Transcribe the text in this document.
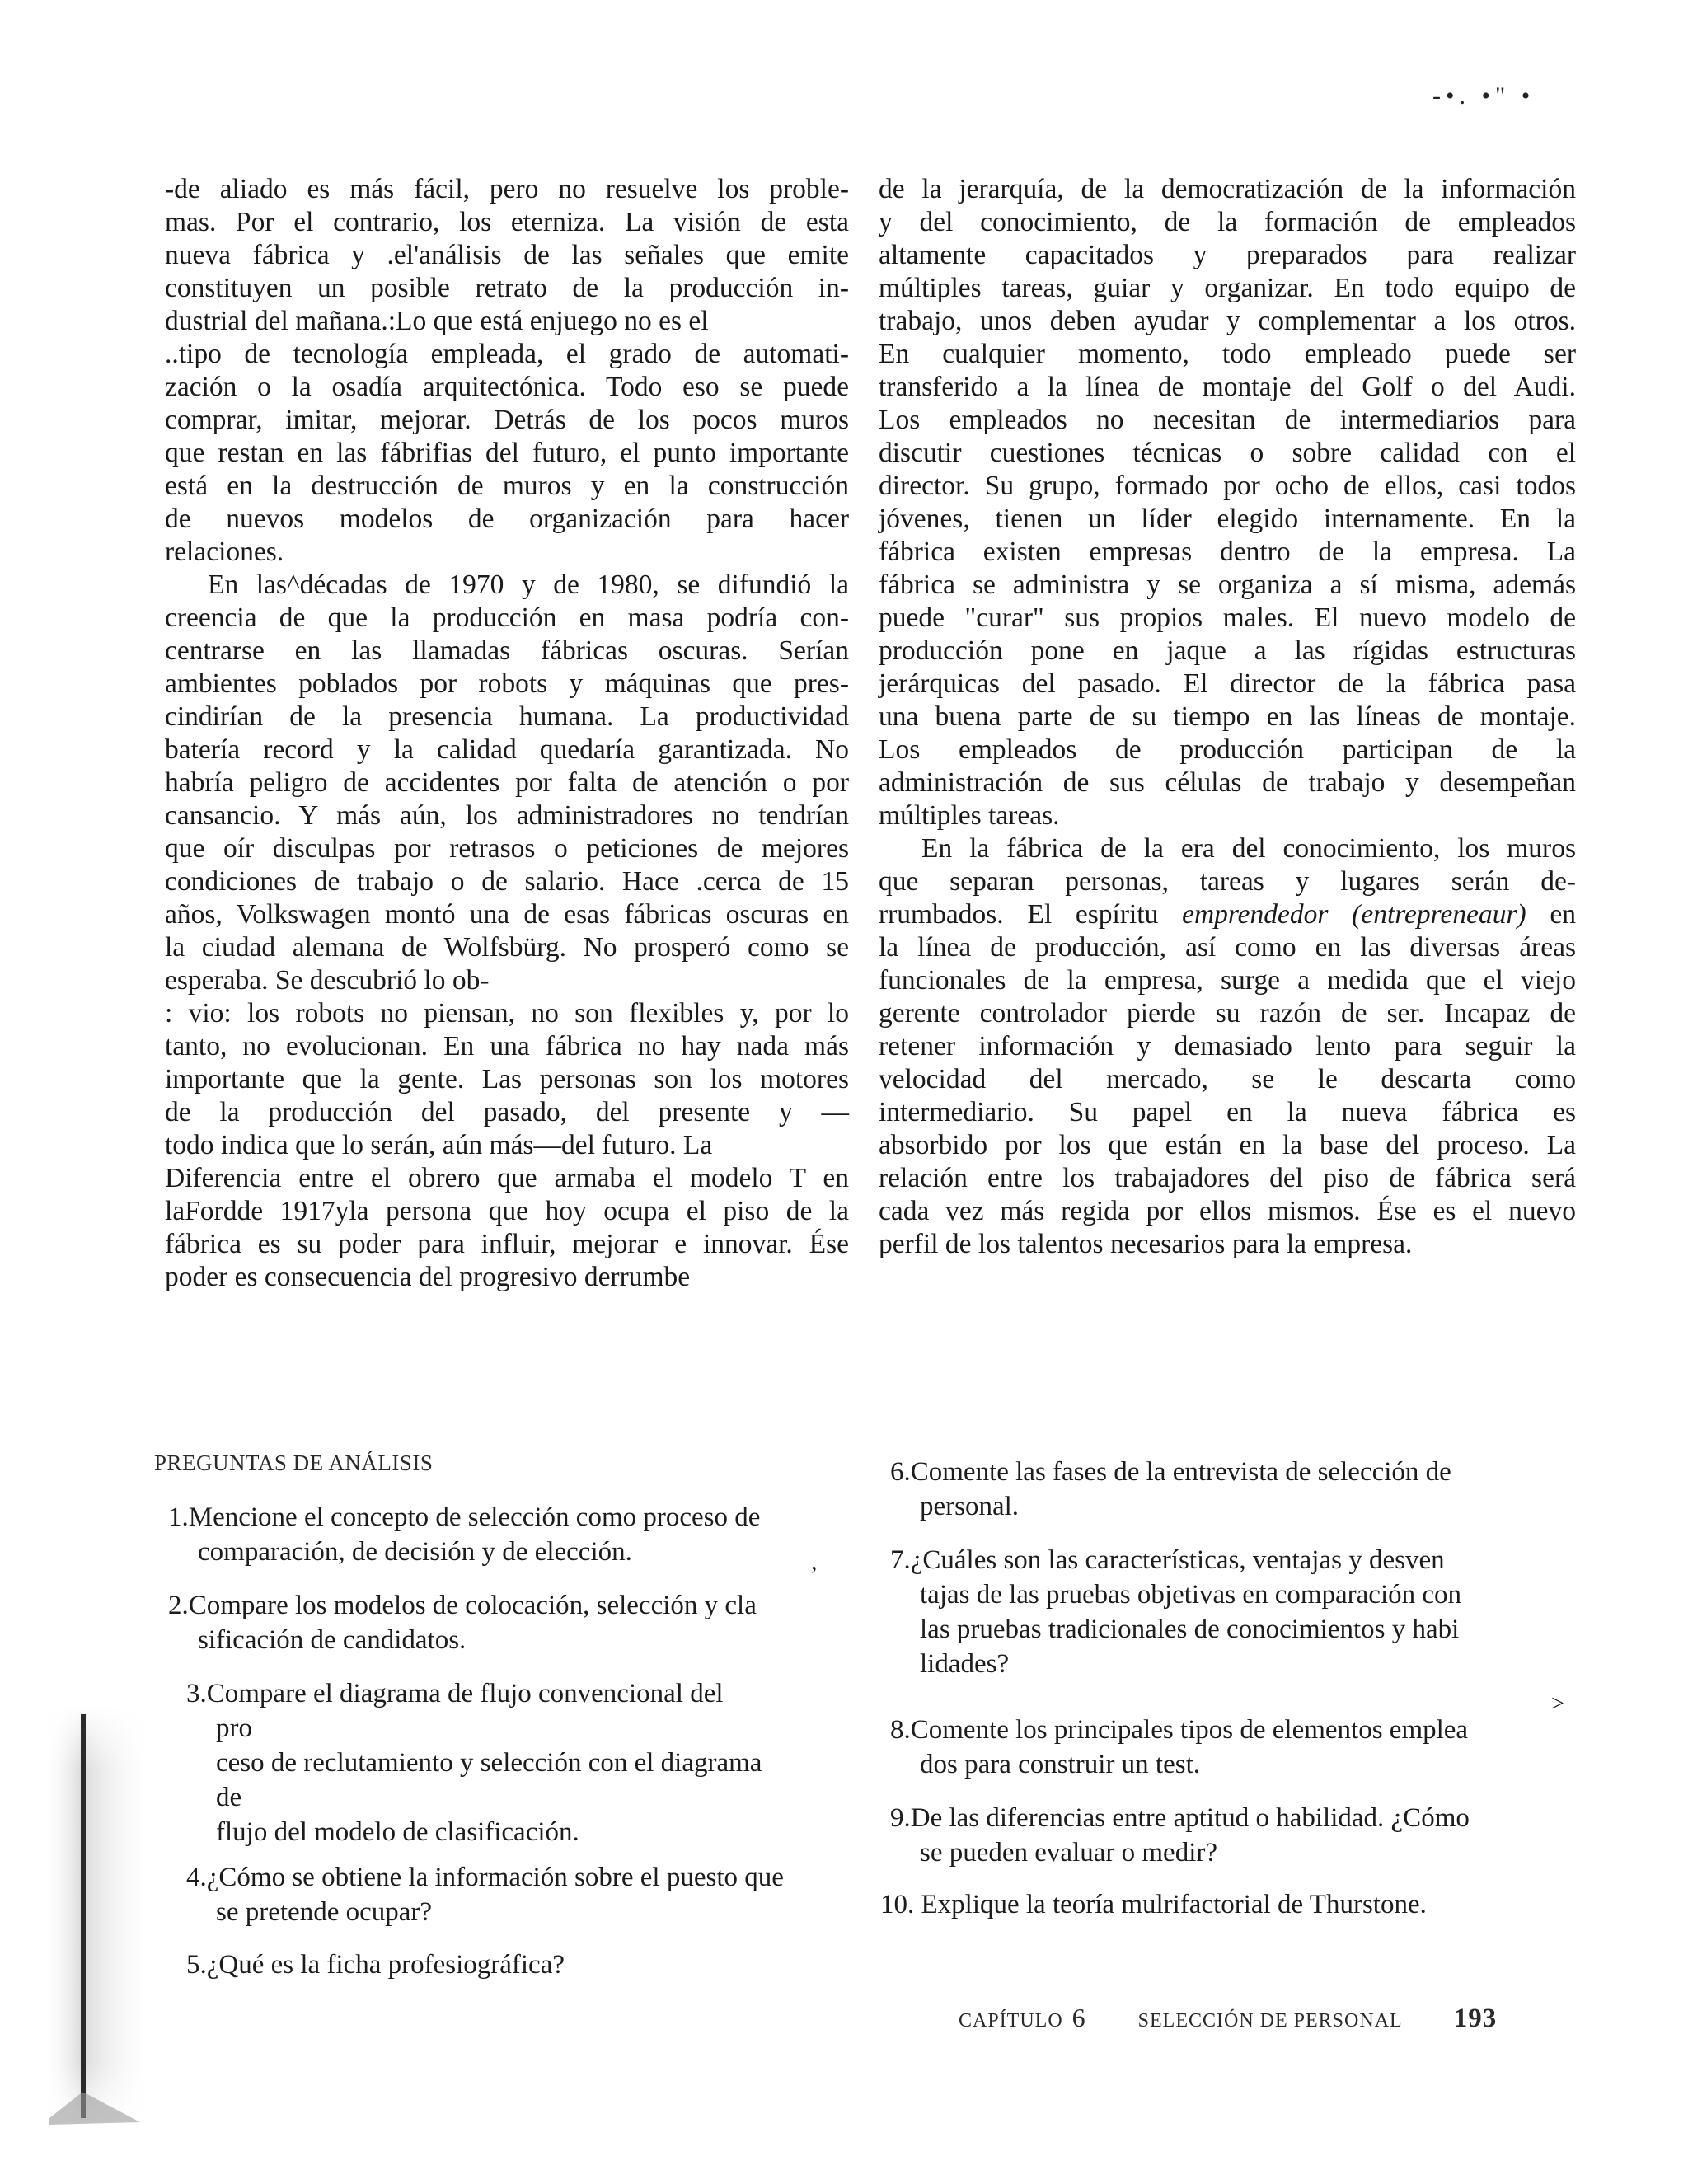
-•. •" •
-de aliado es más fácil, pero no resuelve los proble-
mas. Por el contrario, los eterniza. La visión de esta
nueva fábrica y .el'análisis de las señales que emite
constituyen un posible retrato de la producción in-
dustrial del mañana.:Lo que está enjuego no es el
..tipo de tecnología empleada, el grado de automati-
zación o la osadía arquitectónica. Todo eso se puede
comprar, imitar, mejorar. Detrás de los pocos muros
que restan en las fábrifias del futuro, el punto importante
está en la destrucción de muros y en la construcción
de nuevos modelos de organización para hacer
relaciones.
En las^décadas de 1970 y de 1980, se difundió la
creencia de que la producción en masa podría con-
centrarse en las llamadas fábricas oscuras. Serían
ambientes poblados por robots y máquinas que pres-
cindirían de la presencia humana. La productividad
batería record y la calidad quedaría garantizada. No
habría peligro de accidentes por falta de atención o por
cansancio. Y más aún, los administradores no tendrían
que oír disculpas por retrasos o peticiones de mejores
condiciones de trabajo o de salario. Hace .cerca de 15
años, Volkswagen montó una de esas fábricas oscuras en
la ciudad alemana de Wolfsbürg. No prosperó como se
esperaba. Se descubrió lo ob-
: vio: los robots no piensan, no son flexibles y, por lo
tanto, no evolucionan. En una fábrica no hay nada más
importante que la gente. Las personas son los motores
de la producción del pasado, del presente y —
todo indica que lo serán, aún más—del futuro. La
Diferencia entre el obrero que armaba el modelo T en
laFordde 1917yla persona que hoy ocupa el piso de la
fábrica es su poder para influir, mejorar e innovar. Ése
poder es consecuencia del progresivo derrumbe
de la jerarquía, de la democratización de la información
y del conocimiento, de la formación de empleados
altamente capacitados y preparados para realizar
múltiples tareas, guiar y organizar. En todo equipo de
trabajo, unos deben ayudar y complementar a los otros.
En cualquier momento, todo empleado puede ser
transferido a la línea de montaje del Golf o del Audi.
Los empleados no necesitan de intermediarios para
discutir cuestiones técnicas o sobre calidad con el
director. Su grupo, formado por ocho de ellos, casi todos
jóvenes, tienen un líder elegido internamente. En la
fábrica existen empresas dentro de la empresa. La
fábrica se administra y se organiza a sí misma, además
puede "curar" sus propios males. El nuevo modelo de
producción pone en jaque a las rígidas estructuras
jerárquicas del pasado. El director de la fábrica pasa
una buena parte de su tiempo en las líneas de montaje.
Los empleados de producción participan de la
administración de sus células de trabajo y desempeñan
múltiples tareas.
En la fábrica de la era del conocimiento, los muros
que separan personas, tareas y lugares serán de-
rrumbados. El espíritu emprendedor (entrepreneaur) en
la línea de producción, así como en las diversas áreas
funcionales de la empresa, surge a medida que el viejo
gerente controlador pierde su razón de ser. Incapaz de
retener información y demasiado lento para seguir la
velocidad del mercado, se le descarta como
intermediario. Su papel en la nueva fábrica es
absorbido por los que están en la base del proceso. La
relación entre los trabajadores del piso de fábrica será
cada vez más regida por ellos mismos. Ése es el nuevo
perfil de los talentos necesarios para la empresa.
PREGUNTAS DE ANÁLISIS
1.Mencione el concepto de selección como proceso de
comparación, de decisión y de elección.
2.Compare los modelos de colocación, selección y cla
sificación de candidatos.
3.Compare el diagrama de flujo convencional del
pro
ceso de reclutamiento y selección con el diagrama
de
flujo del modelo de clasificación.
4.¿Cómo se obtiene la información sobre el puesto que
se pretende ocupar?
5.¿Qué es la ficha profesiográfica?
6.Comente las fases de la entrevista de selección de
personal.
7.¿Cuáles son las características, ventajas y desven
tajas de las pruebas objetivas en comparación con
las pruebas tradicionales de conocimientos y habi
lidades?
8.Comente los principales tipos de elementos emplea
dos para construir un test.
9.De las diferencias entre aptitud o habilidad. ¿Cómo
se pueden evaluar o medir?
10. Explique la teoría mulrifactorial de Thurstone.
,
>
CAPÍTULO 6	SELECCIÓN DE PERSONAL 193
